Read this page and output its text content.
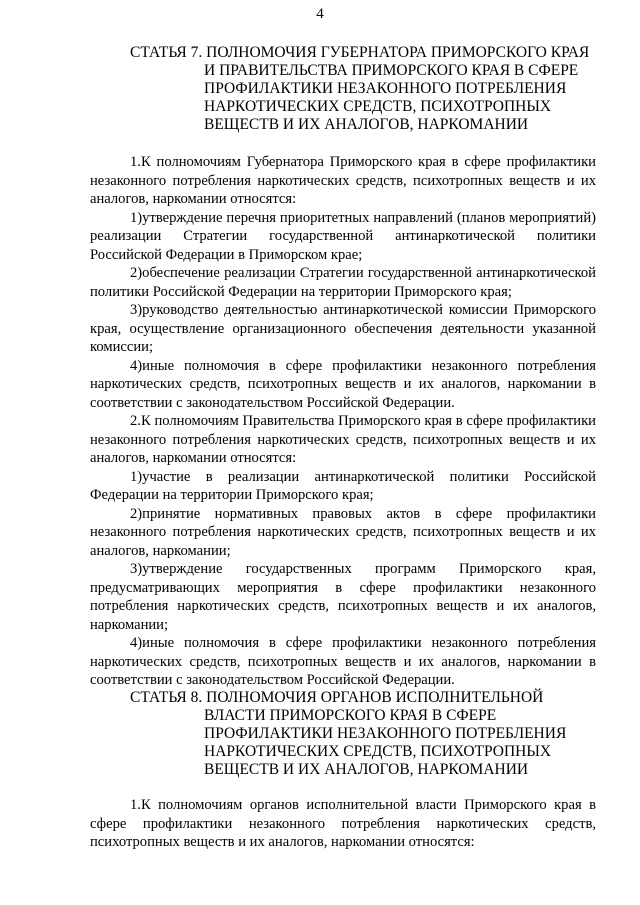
4
СТАТЬЯ 7. ПОЛНОМОЧИЯ ГУБЕРНАТОРА ПРИМОРСКОГО КРАЯ
И ПРАВИТЕЛЬСТВА ПРИМОРСКОГО КРАЯ В СФЕРЕ ПРОФИЛАКТИКИ НЕЗАКОННОГО ПОТРЕБЛЕНИЯ НАРКОТИЧЕСКИХ СРЕДСТВ, ПСИХОТРОПНЫХ ВЕЩЕСТВ И ИХ АНАЛОГОВ, НАРКОМАНИИ

1.К полномочиям Губернатора Приморского края в сфере профилактики незаконного потребления наркотических средств, психотропных веществ и их аналогов, наркомании относятся:

1)утверждение перечня приоритетных направлений (планов мероприятий) реализации Стратегии государственной антинаркотической политики Российской Федерации в Приморском крае;

2)обеспечение реализации Стратегии государственной антинаркотической политики Российской Федерации на территории Приморского края;

3)руководство деятельностью антинаркотической комиссии Приморского края, осуществление организационного обеспечения деятельности указанной комиссии;

4)иные полномочия в сфере профилактики незаконного потребления наркотических средств, психотропных веществ и их аналогов, наркомании в соответствии с законодательством Российской Федерации.

2.К полномочиям Правительства Приморского края в сфере профилактики незаконного потребления наркотических средств, психотропных веществ и их аналогов, наркомании относятся:

1)участие в реализации антинаркотической политики Российской Федерации на территории Приморского края;

2)принятие нормативных правовых актов в сфере профилактики незаконного потребления наркотических средств, психотропных веществ и их аналогов, наркомании;

3)утверждение государственных программ Приморского края, предусматривающих мероприятия в сфере профилактики незаконного потребления наркотических средств, психотропных веществ и их аналогов, наркомании;

4)иные полномочия в сфере профилактики незаконного потребления наркотических средств, психотропных веществ и их аналогов, наркомании в соответствии с законодательством Российской Федерации.

СТАТЬЯ 8. ПОЛНОМОЧИЯ ОРГАНОВ ИСПОЛНИТЕЛЬНОЙ
ВЛАСТИ ПРИМОРСКОГО КРАЯ В СФЕРЕ ПРОФИЛАКТИКИ НЕЗАКОННОГО ПОТРЕБЛЕНИЯ НАРКОТИЧЕСКИХ СРЕДСТВ, ПСИХОТРОПНЫХ ВЕЩЕСТВ И ИХ АНАЛОГОВ, НАРКОМАНИИ

1.К полномочиям органов исполнительной власти Приморского края в сфере профилактики незаконного потребления наркотических средств, психотропных веществ и их аналогов, наркомании относятся:
